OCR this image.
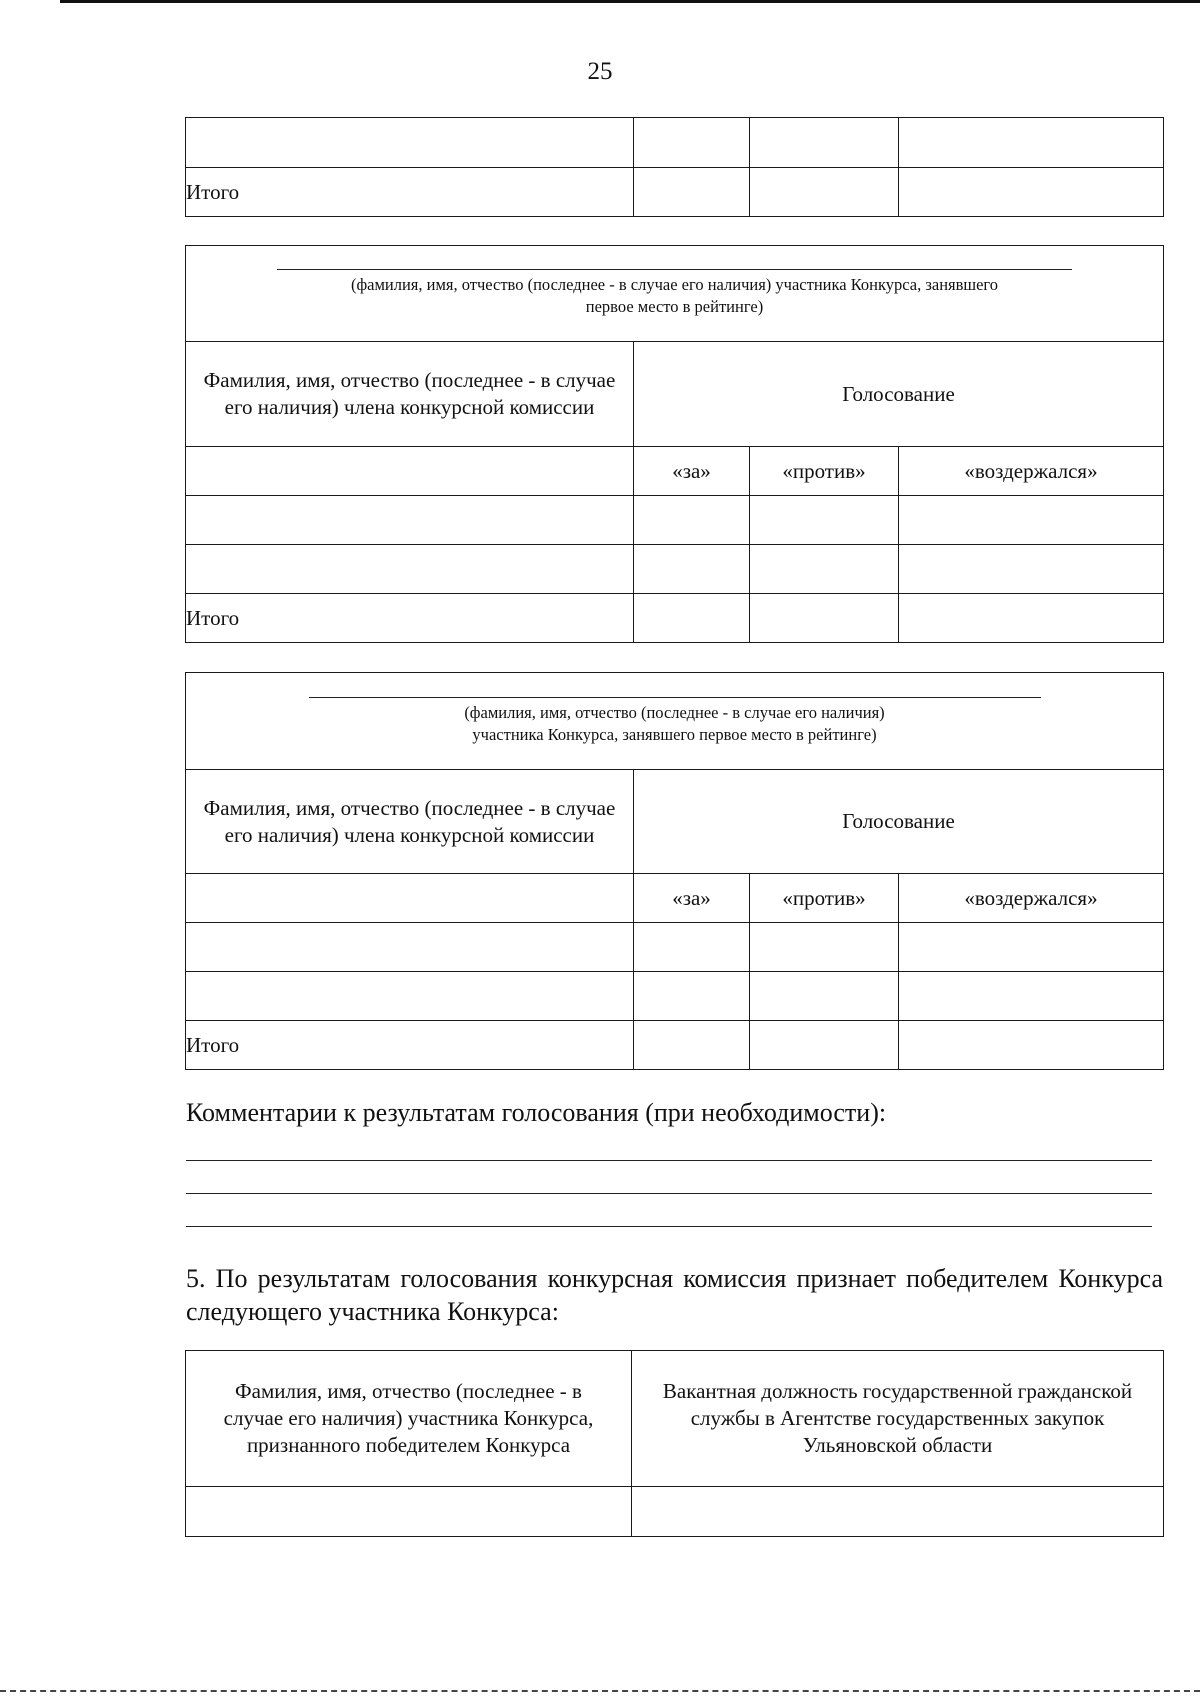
25

Итого			
(фамилия, имя, отчество (последнее - в случае его наличия) участника Конкурса, занявшего первое место в рейтинге)			

Фамилия, имя, отчество (последнее - в случае его наличия) члена конкурсной комиссии	Голосование		
	«за»	«против»	«воздержался»

Итого			
(фамилия, имя, отчество (последнее - в случае его наличия)
участника Конкурса, занявшего первое место в рейтинге)			

Фамилия, имя, отчество (последнее - в случае его наличия) члена конкурсной комиссии	Голосование		
	«за»	«против»	«воздержался»

Итого			
Комментарии к результатам голосования (при необходимости):
5. По результатам голосования конкурсная комиссия признает победителем Конкурса следующего участника Конкурса:
Фамилия, имя, отчество (последнее - в случае его наличия) участника Конкурса, признанного победителем Конкурса	Вакантная должность государственной гражданской службы в Агентстве государственных закупок Ульяновской области
